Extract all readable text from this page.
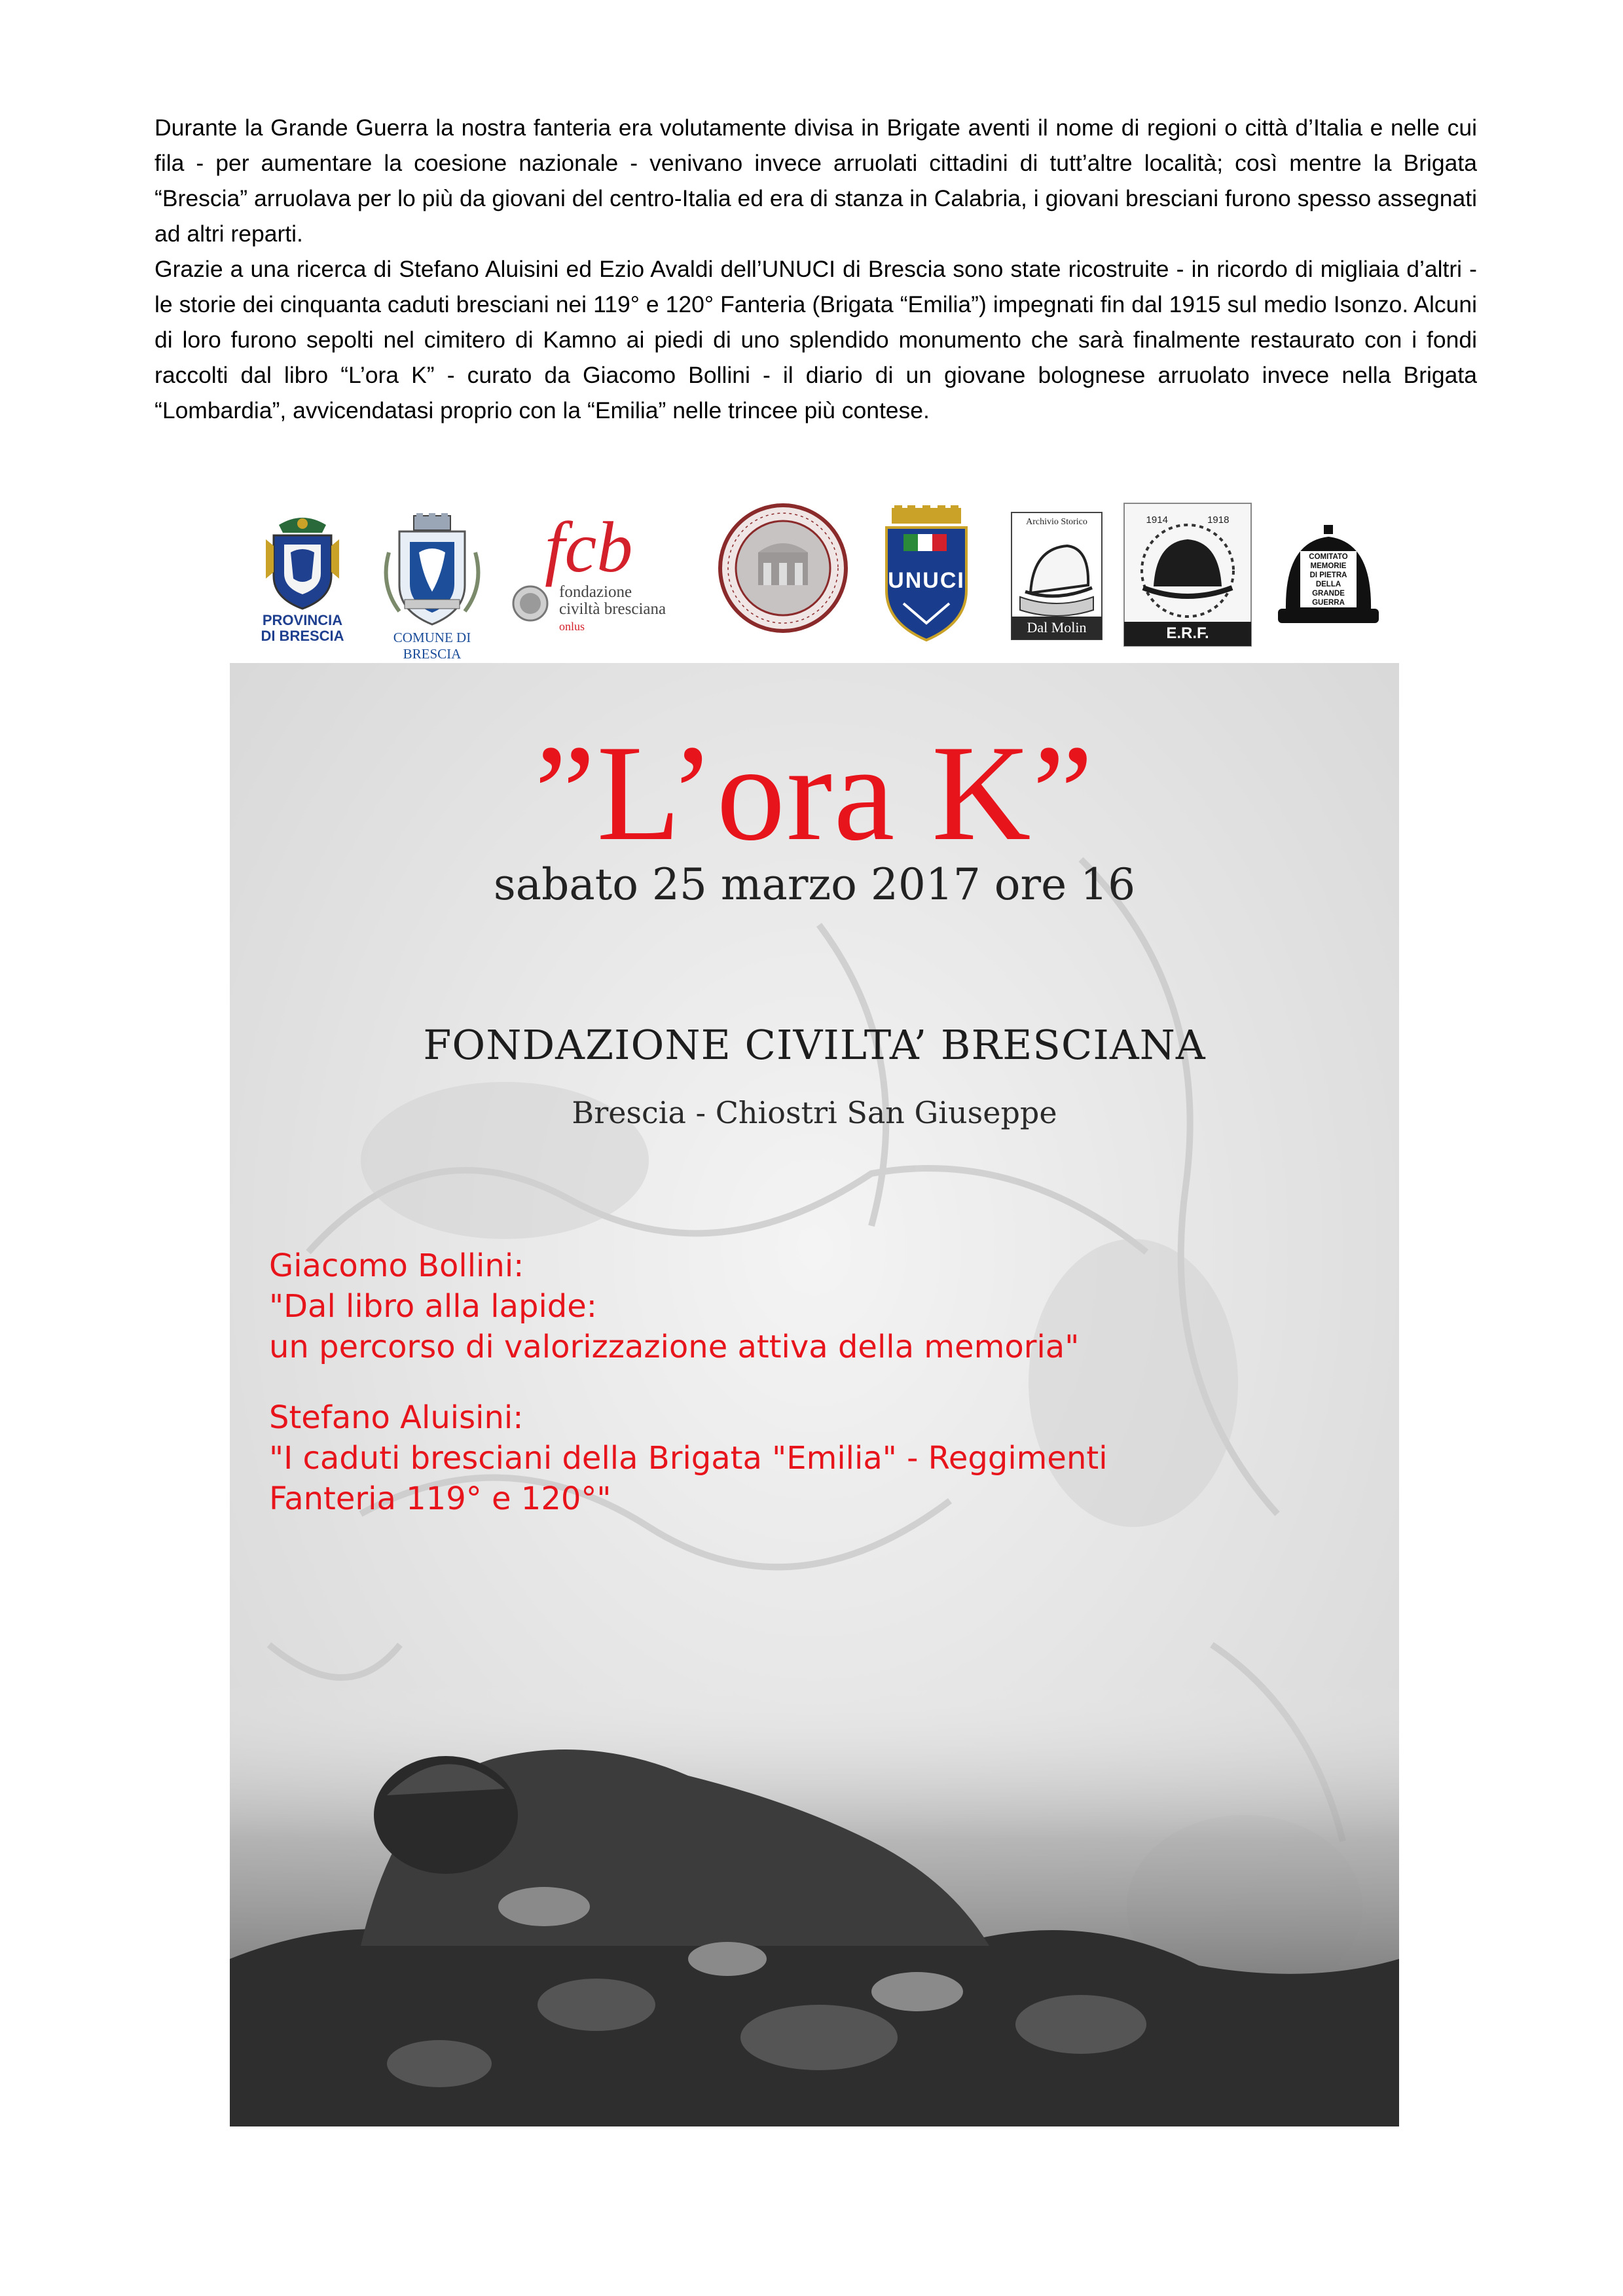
Durante la Grande Guerra la nostra fanteria era volutamente divisa in Brigate aventi il nome di regioni o città d’Italia e nelle cui fila - per aumentare la coesione nazionale - venivano invece arruolati cittadini di tutt’altre località; così mentre la Brigata “Brescia” arruolava per lo più da giovani del centro-Italia ed era di stanza in Calabria, i giovani bresciani furono spesso assegnati ad altri reparti.

Grazie a una ricerca di Stefano Aluisini ed Ezio Avaldi dell’UNUCI di Brescia sono state ricostruite - in ricordo di migliaia d’altri - le storie dei cinquanta caduti bresciani nei 119° e 120° Fanteria (Brigata “Emilia”) impegnati fin dal 1915 sul medio Isonzo. Alcuni di loro furono sepolti nel cimitero di Kamno ai piedi di uno splendido monumento che sarà finalmente restaurato con i fondi raccolti dal libro “L’ora K” - curato da Giacomo Bollini - il diario di un giovane bolognese arruolato invece nella Brigata “Lombardia”, avvicendatasi proprio con la “Emilia” nelle trincee più contese.

PROVINCIA
DI BRESCIA	COMUNE DI BRESCIA
fcb
fondazione
civiltà bresciana
onlus
UNUCI
Archivio Storico
Dal Molin
1914 1918
E.R.F.
COMITATO
MEMORIE
DI PIETRA
DELLA
GRANDE
GUERRA
”L’ora K”
sabato 25 marzo 2017 ore 16
FONDAZIONE CIVILTA’ BRESCIANA
Brescia - Chiostri San Giuseppe
Giacomo Bollini:
"Dal libro alla lapide:
un percorso di valorizzazione attiva della memoria"
Stefano Aluisini:
"I caduti bresciani della Brigata "Emilia" - Reggimenti
Fanteria 119° e 120°"
